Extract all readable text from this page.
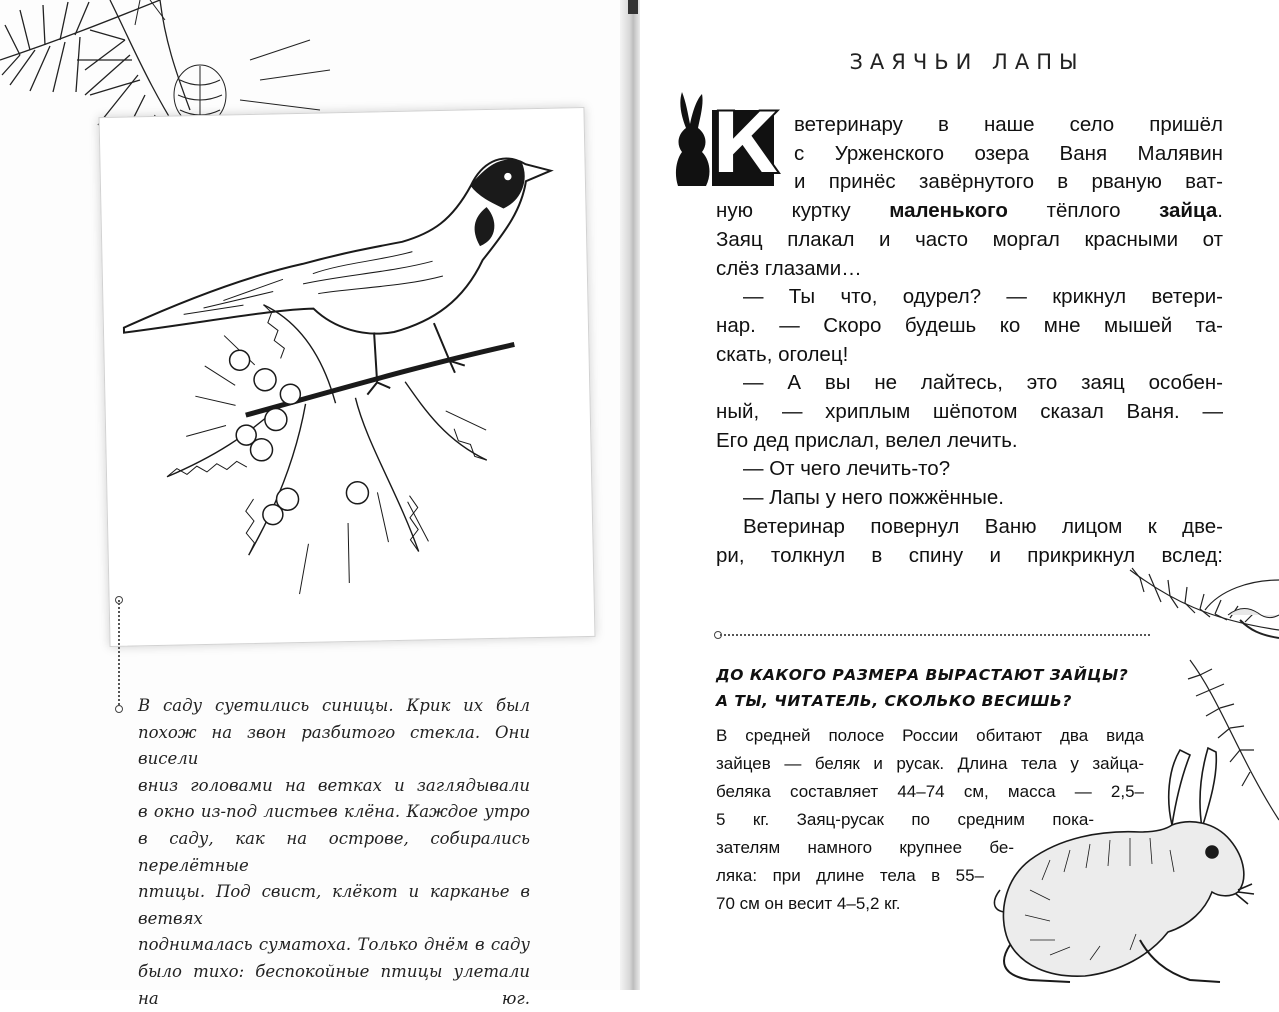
В саду суетились синицы. Крик их был
похож на звон разбитого стекла. Они висели
вниз головами на ветках и заглядывали
в окно из-под листьев клёна. Каждое утро
в саду, как на острове, собирались перелётные
птицы. Под свист, клёкот и карканье в ветвях
поднималась суматоха. Только днём в саду
было тихо: беспокойные птицы улетали на юг.
ЗАЯЧЬИ ЛАПЫ
К ветеринару в наше село пришёл
с Урженского озера Ваня Малявин
и принёс завёрнутого в рваную ват-
ную куртку маленького тёплого зайца.
Заяц плакал и часто моргал красными от
слёз глазами…
— Ты что, одурел? — крикнул ветери-
нар. — Скоро будешь ко мне мышей та-
скать, оголец!
— А вы не лайтесь, это заяц особен-
ный, — хриплым шёпотом сказал Ваня. —
Его дед прислал, велел лечить.
— От чего лечить-то?
— Лапы у него пожжённые.
Ветеринар повернул Ваню лицом к две-
ри, толкнул в спину и прикрикнул вслед:
ДО КАКОГО РАЗМЕРА ВЫРАСТАЮТ ЗАЙЦЫ?
А ТЫ, ЧИТАТЕЛЬ, СКОЛЬКО ВЕСИШЬ?
В средней полосе России обитают два вида
зайцев — беляк и русак. Длина тела у зайца-
беляка составляет 44–74 см, масса — 2,5–
5 кг. Заяц-русак по средним пока-
зателям намного крупнее бе-
ляка: при длине тела в 55–
70 см он весит 4–5,2 кг.
